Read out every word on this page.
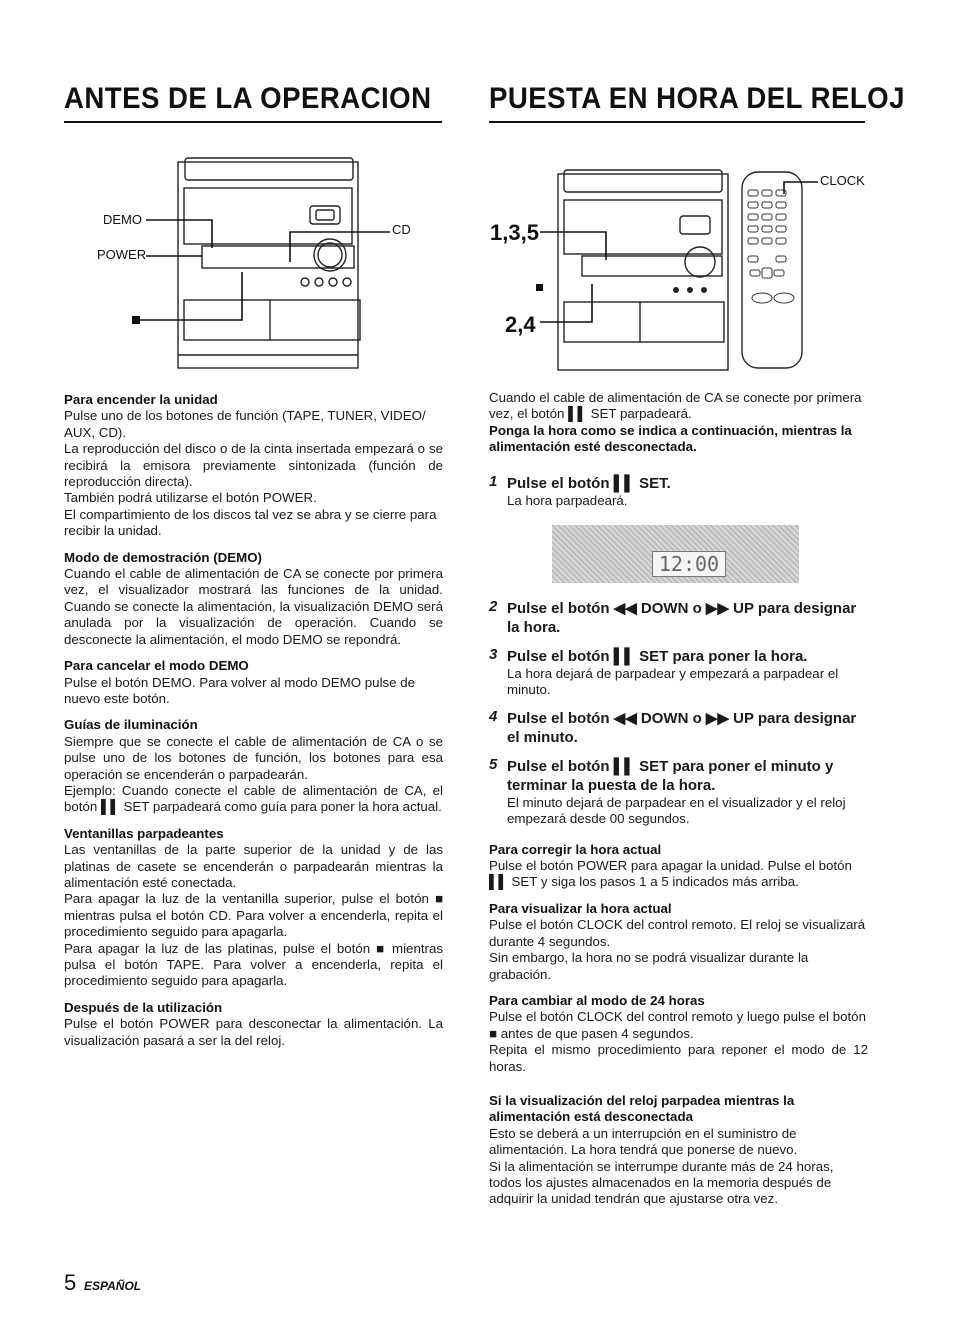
ANTES DE LA OPERACION PUESTA EN HORA DEL RELOJ
DEMO
POWER
CD	1,3,5
2,4
CLOCK

Para encender la unidad

Pulse uno de los botones de función (TAPE, TUNER, VIDEO/ AUX, CD).

La reproducción del disco o de la cinta insertada empezará o se recibirá la emisora previamente sintonizada (función de reproducción directa).

También podrá utilizarse el botón POWER.

El compartimiento de los discos tal vez se abra y se cierre para recibir la unidad.

Modo de demostración (DEMO)

Cuando el cable de alimentación de CA se conecte por primera vez, el visualizador mostrará las funciones de la unidad. Cuando se conecte la alimentación, la visualización DEMO será anulada por la visualización de operación. Cuando se desconecte la alimentación, el modo DEMO se repondrá.

Para cancelar el modo DEMO

Pulse el botón DEMO. Para volver al modo DEMO pulse de nuevo este botón.

Guías de iluminación

Siempre que se conecte el cable de alimentación de CA o se pulse uno de los botones de función, los botones para esa operación se encenderán o parpadearán.

Ejemplo: Cuando conecte el cable de alimentación de CA, el botón ▌▌ SET parpadeará como guía para poner la hora actual.

Ventanillas parpadeantes

Las ventanillas de la parte superior de la unidad y de las platinas de casete se encenderán o parpadearán mientras la alimentación esté conectada.

Para apagar la luz de la ventanilla superior, pulse el botón ■ mientras pulsa el botón CD. Para volver a encenderla, repita el procedimiento seguido para apagarla.

Para apagar la luz de las platinas, pulse el botón ■ mientras pulsa el botón TAPE. Para volver a encenderla, repita el procedimiento seguido para apagarla.

Después de la utilización

Pulse el botón POWER para desconectar la alimentación. La visualización pasará a ser la del reloj.

Cuando el cable de alimentación de CA se conecte por primera vez, el botón ▌▌ SET parpadeará.

Ponga la hora como se indica a continuación, mientras la alimentación esté desconectada.

1 Pulse el botón ▌▌ SET.
La hora parpadeará.
12:00
2 Pulse el botón ◀◀ DOWN o ▶▶ UP para designar la hora.
3 Pulse el botón ▌▌ SET para poner la hora.
La hora dejará de parpadear y empezará a parpadear el minuto.
4 Pulse el botón ◀◀ DOWN o ▶▶ UP para designar el minuto.
5 Pulse el botón ▌▌ SET para poner el minuto y terminar la puesta de la hora.
El minuto dejará de parpadear en el visualizador y el reloj empezará desde 00 segundos.

Para corregir la hora actual

Pulse el botón POWER para apagar la unidad. Pulse el botón ▌▌ SET y siga los pasos 1 a 5 indicados más arriba.

Para visualizar la hora actual

Pulse el botón CLOCK del control remoto. El reloj se visualizará durante 4 segundos.

Sin embargo, la hora no se podrá visualizar durante la grabación.

Para cambiar al modo de 24 horas

Pulse el botón CLOCK del control remoto y luego pulse el botón ■ antes de que pasen 4 segundos.

Repita el mismo procedimiento para reponer el modo de 12 horas.

Si la visualización del reloj parpadea mientras la alimentación está desconectada

Esto se deberá a un interrupción en el suministro de alimentación. La hora tendrá que ponerse de nuevo.

Si la alimentación se interrumpe durante más de 24 horas, todos los ajustes almacenados en la memoria después de adquirir la unidad tendrán que ajustarse otra vez.

5 ESPAÑOL
